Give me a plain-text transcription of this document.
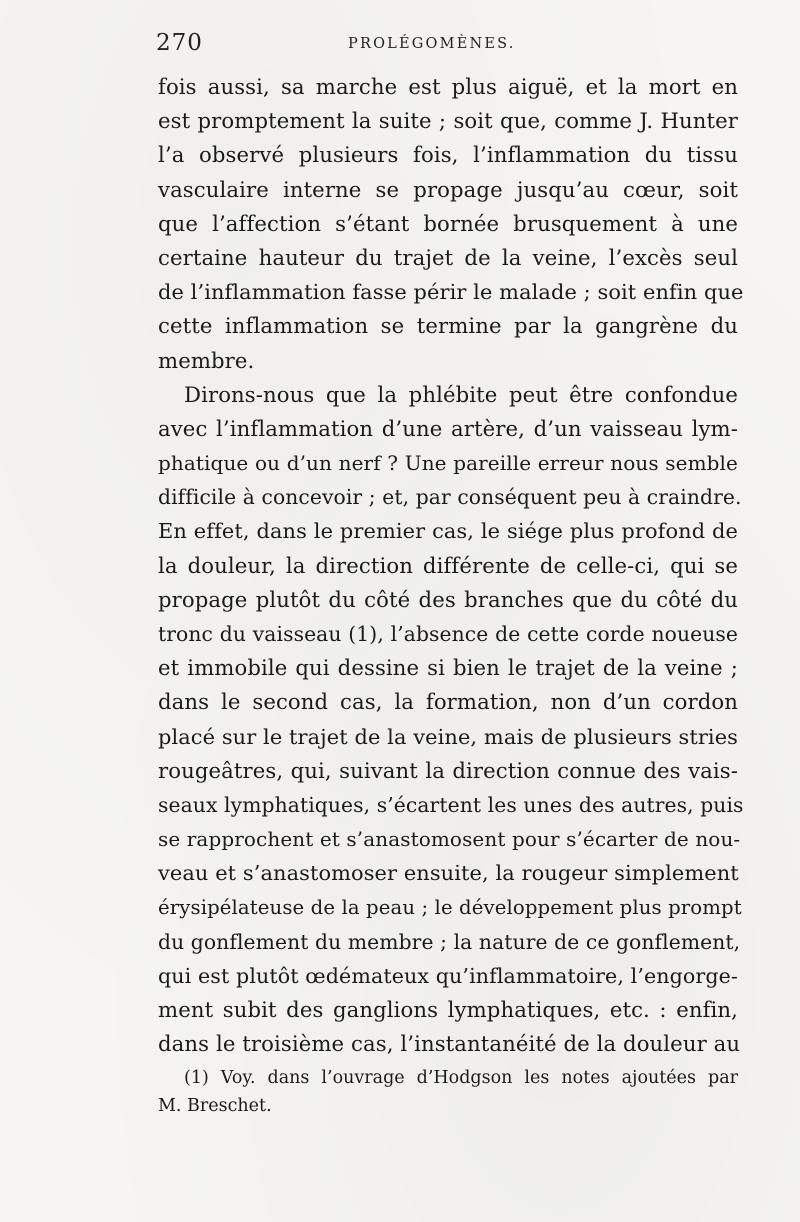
270	PROLÉGOMÈNES.
fois aussi, sa marche est plus aiguë, et la mort en
est promptement la suite ; soit que, comme J. Hunter
l’a observé plusieurs fois, l’inflammation du tissu
vasculaire interne se propage jusqu’au cœur, soit
que l’affection s’étant bornée brusquement à une
certaine hauteur du trajet de la veine, l’excès seul
de l’inflammation fasse périr le malade ; soit enfin que
cette inflammation se termine par la gangrène du
membre.
Dirons-nous que la phlébite peut être confondue
avec l’inflammation d’une artère, d’un vaisseau lym-
phatique ou d’un nerf ? Une pareille erreur nous semble
difficile à concevoir ; et, par conséquent peu à craindre.
En effet, dans le premier cas, le siége plus profond de
la douleur, la direction différente de celle-ci, qui se
propage plutôt du côté des branches que du côté du
tronc du vaisseau (1), l’absence de cette corde noueuse
et immobile qui dessine si bien le trajet de la veine ;
dans le second cas, la formation, non d’un cordon
placé sur le trajet de la veine, mais de plusieurs stries
rougeâtres, qui, suivant la direction connue des vais-
seaux lymphatiques, s’écartent les unes des autres, puis
se rapprochent et s’anastomosent pour s’écarter de nou-
veau et s’anastomoser ensuite, la rougeur simplement
érysipélateuse de la peau ; le développement plus prompt
du gonflement du membre ; la nature de ce gonflement,
qui est plutôt œdémateux qu’inflammatoire, l’engorge-
ment subit des ganglions lymphatiques, etc. : enfin,
dans le troisième cas, l’instantanéité de la douleur au
(1) Voy. dans l’ouvrage d’Hodgson les notes ajoutées par
M. Breschet.
